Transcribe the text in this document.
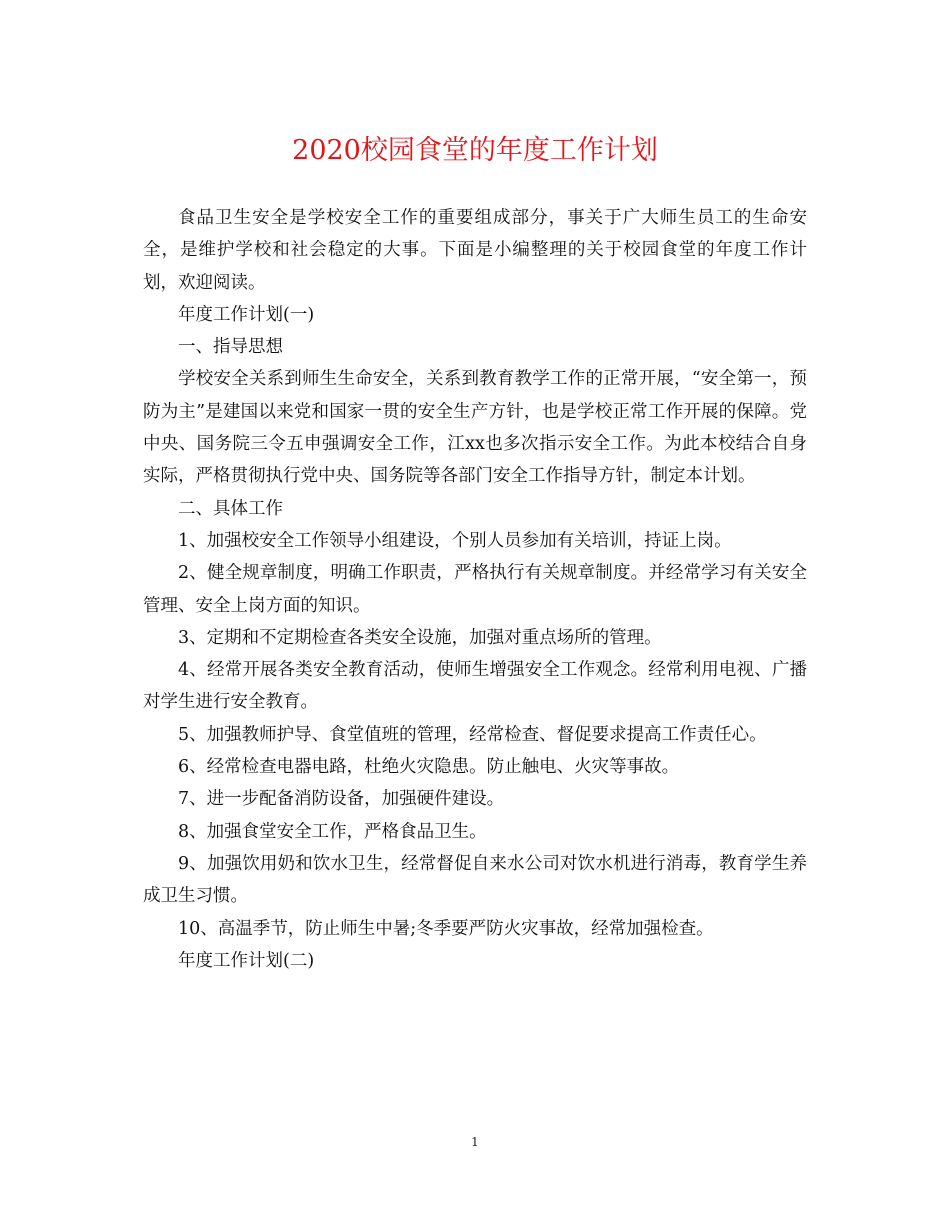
2020校园食堂的年度工作计划

食品卫生安全是学校安全工作的重要组成部分，事关于广大师生员工的生命安全，是维护学校和社会稳定的大事。下面是小编整理的关于校园食堂的年度工作计划，欢迎阅读。

年度工作计划(一)

一、指导思想

学校安全关系到师生生命安全，关系到教育教学工作的正常开展，“安全第一，预防为主”是建国以来党和国家一贯的安全生产方针，也是学校正常工作开展的保障。党中央、国务院三令五申强调安全工作，江xx也多次指示安全工作。为此本校结合自身实际，严格贯彻执行党中央、国务院等各部门安全工作指导方针，制定本计划。

二、具体工作

1、加强校安全工作领导小组建设，个别人员参加有关培训，持证上岗。

2、健全规章制度，明确工作职责，严格执行有关规章制度。并经常学习有关安全管理、安全上岗方面的知识。

3、定期和不定期检查各类安全设施，加强对重点场所的管理。

4、经常开展各类安全教育活动，使师生增强安全工作观念。经常利用电视、广播对学生进行安全教育。

5、加强教师护导、食堂值班的管理，经常检查、督促要求提高工作责任心。

6、经常检查电器电路，杜绝火灾隐患。防止触电、火灾等事故。

7、进一步配备消防设备，加强硬件建设。

8、加强食堂安全工作，严格食品卫生。

9、加强饮用奶和饮水卫生，经常督促自来水公司对饮水机进行消毒，教育学生养成卫生习惯。

10、高温季节，防止师生中暑;冬季要严防火灾事故，经常加强检查。

年度工作计划(二)

1
